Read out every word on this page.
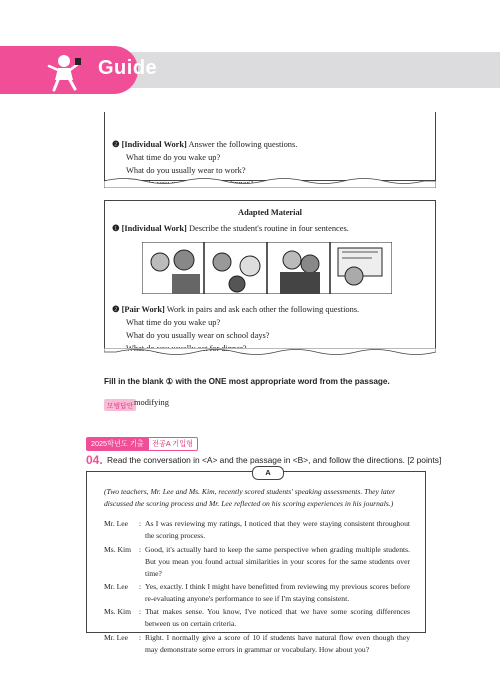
Guide
❷ [Individual Work] Answer the following questions.
What time do you wake up?
What do you usually wear to work?
Adapted Material
❶ [Individual Work] Describe the student's routine in four sentences.
❷ [Pair Work] Work in pairs and ask each other the following questions.
What time do you wake up?
What do you usually wear on school days?
Fill in the blank ① with the ONE most appropriate word from the passage.
모범답안 modifying
2025학년도 기출	전공A 기입형
04. Read the conversation in <A> and the passage in <B>, and follow the directions. [2 points]
A
(Two teachers, Mr. Lee and Ms. Kim, recently scored students' speaking assessments. They later discussed the scoring process and Mr. Lee reflected on his scoring experiences in his journals.)
Mr. Lee	: As I was reviewing my ratings, I noticed that they were staying consistent throughout the scoring process.
Ms. Kim	: Good, it's actually hard to keep the same perspective when grading multiple students. But you mean you found actual similarities in your scores for the same students over time?
Mr. Lee	: Yes, exactly. I think I might have benefitted from reviewing my previous scores before re-evaluating anyone's performance to see if I'm staying consistent.
Ms. Kim	: That makes sense. You know, I've noticed that we have some scoring differences between us on certain criteria.
Mr. Lee	: Right. I normally give a score of 10 if students have natural flow even though they may demonstrate some errors in grammar or vocabulary. How about you?
